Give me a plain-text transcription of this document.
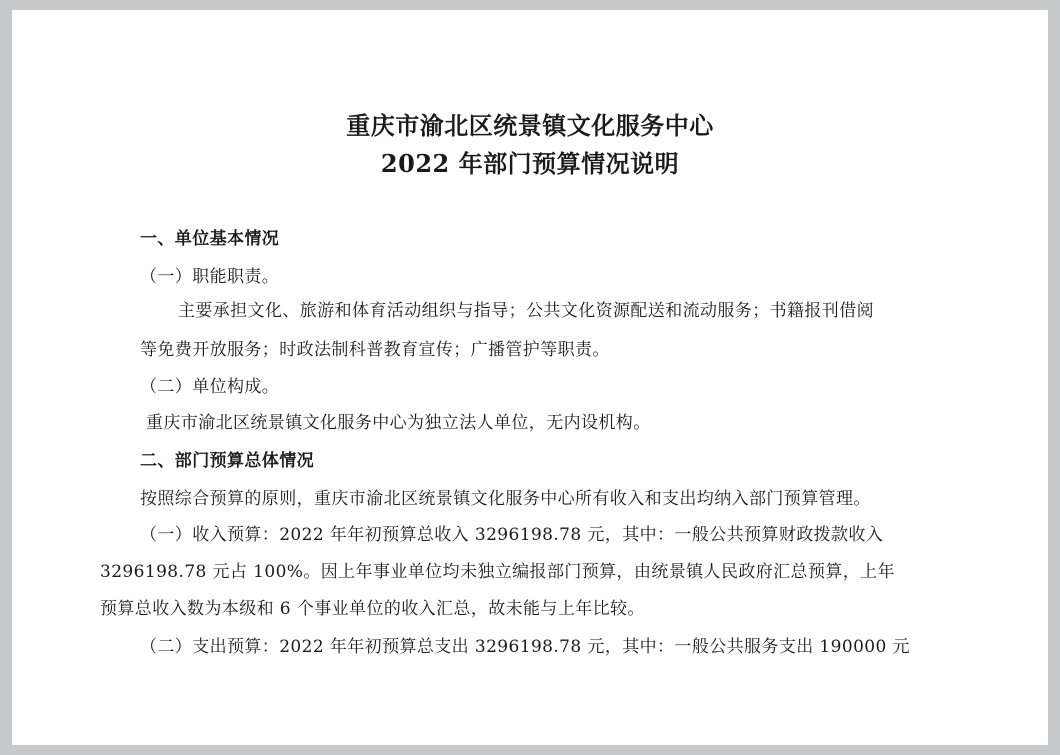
重庆市渝北区统景镇文化服务中心
2022 年部门预算情况说明
一、单位基本情况
（一）职能职责。
主要承担文化、旅游和体育活动组织与指导；公共文化资源配送和流动服务；书籍报刊借阅
等免费开放服务；时政法制科普教育宣传；广播管护等职责。
（二）单位构成。
重庆市渝北区统景镇文化服务中心为独立法人单位，无内设机构。
二、部门预算总体情况
按照综合预算的原则，重庆市渝北区统景镇文化服务中心所有收入和支出均纳入部门预算管理。
（一）收入预算：2022 年年初预算总收入 3296198.78 元，其中：一般公共预算财政拨款收入
3296198.78 元占 100%。因上年事业单位均未独立编报部门预算，由统景镇人民政府汇总预算，上年
预算总收入数为本级和 6 个事业单位的收入汇总，故未能与上年比较。
（二）支出预算：2022 年年初预算总支出 3296198.78 元，其中：一般公共服务支出 190000 元
